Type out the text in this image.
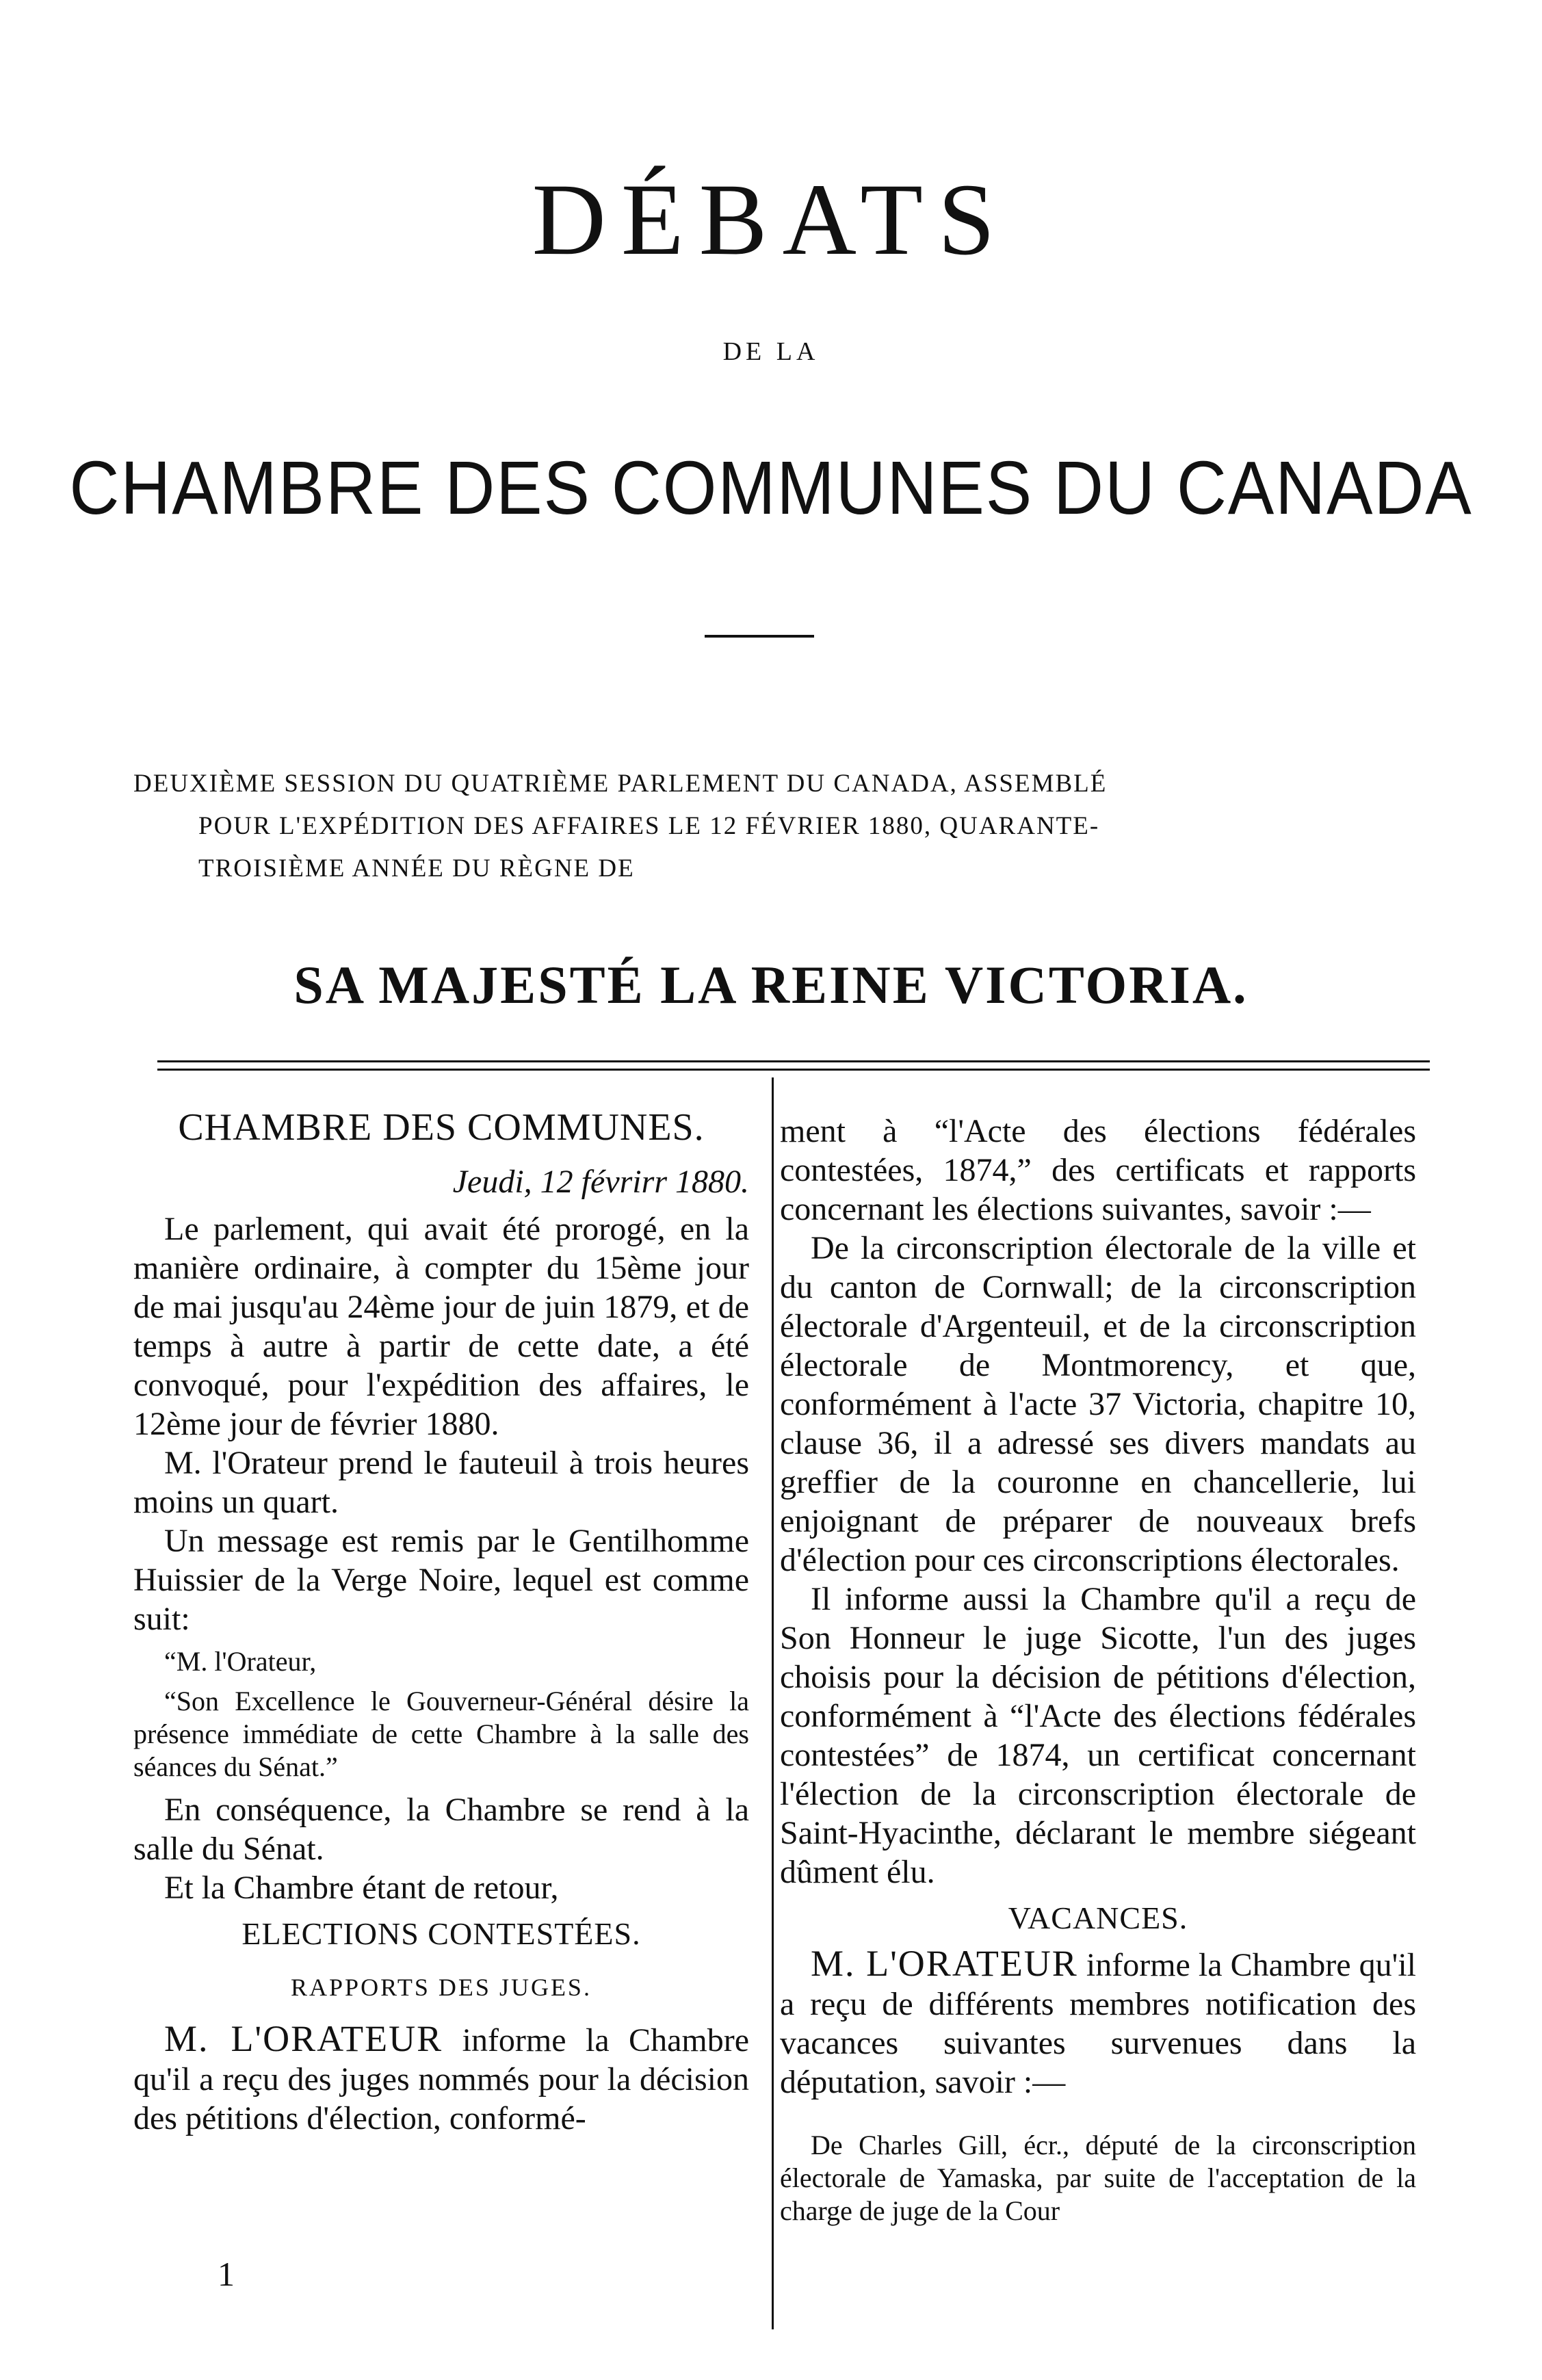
DÉBATS
DE LA
CHAMBRE DES COMMUNES DU CANADA
DEUXIÈME SESSION DU QUATRIÈME PARLEMENT DU CANADA, ASSEMBLÉ
POUR L'EXPÉDITION DES AFFAIRES LE 12 FÉVRIER 1880, QUARANTE-
TROISIÈME ANNÉE DU RÈGNE DE
SA MAJESTÉ LA REINE VICTORIA.

CHAMBRE DES COMMUNES.

Jeudi, 12 févrirr 1880.

Le parlement, qui avait été prorogé, en la manière ordinaire, à compter du 15ème jour de mai jusqu'au 24ème jour de juin 1879, et de temps à autre à partir de cette date, a été convoqué, pour l'expédition des affaires, le 12ème jour de février 1880.

M. l'Orateur prend le fauteuil à trois heures moins un quart.

Un message est remis par le Gentilhomme Huissier de la Verge Noire, lequel est comme suit:

“M. l'Orateur,

“Son Excellence le Gouverneur-Général désire la présence immédiate de cette Chambre à la salle des séances du Sénat.”

En conséquence, la Chambre se rend à la salle du Sénat.

Et la Chambre étant de retour,

ELECTIONS CONTESTÉES.

RAPPORTS DES JUGES.

M. L'ORATEUR informe la Chambre qu'il a reçu des juges nommés pour la décision des pétitions d'élection, conformé-

1

ment à “l'Acte des élections fédérales contestées, 1874,” des certificats et rapports concernant les élections suivantes, savoir :—

De la circonscription électorale de la ville et du canton de Cornwall; de la circonscription électorale d'Argenteuil, et de la circonscription électorale de Montmorency, et que, conformément à l'acte 37 Victoria, chapitre 10, clause 36, il a adressé ses divers mandats au greffier de la couronne en chancellerie, lui enjoignant de préparer de nouveaux brefs d'élection pour ces circonscriptions électorales.

Il informe aussi la Chambre qu'il a reçu de Son Honneur le juge Sicotte, l'un des juges choisis pour la décision de pétitions d'élection, conformément à “l'Acte des élections fédérales contestées” de 1874, un certificat concernant l'élection de la circonscription électorale de Saint-Hyacinthe, déclarant le membre siégeant dûment élu.

VACANCES.

M. L'ORATEUR informe la Chambre qu'il a reçu de différents membres notification des vacances suivantes survenues dans la députation, savoir :—

De Charles Gill, écr., député de la circonscription électorale de Yamaska, par suite de l'acceptation de la charge de juge de la Cour
